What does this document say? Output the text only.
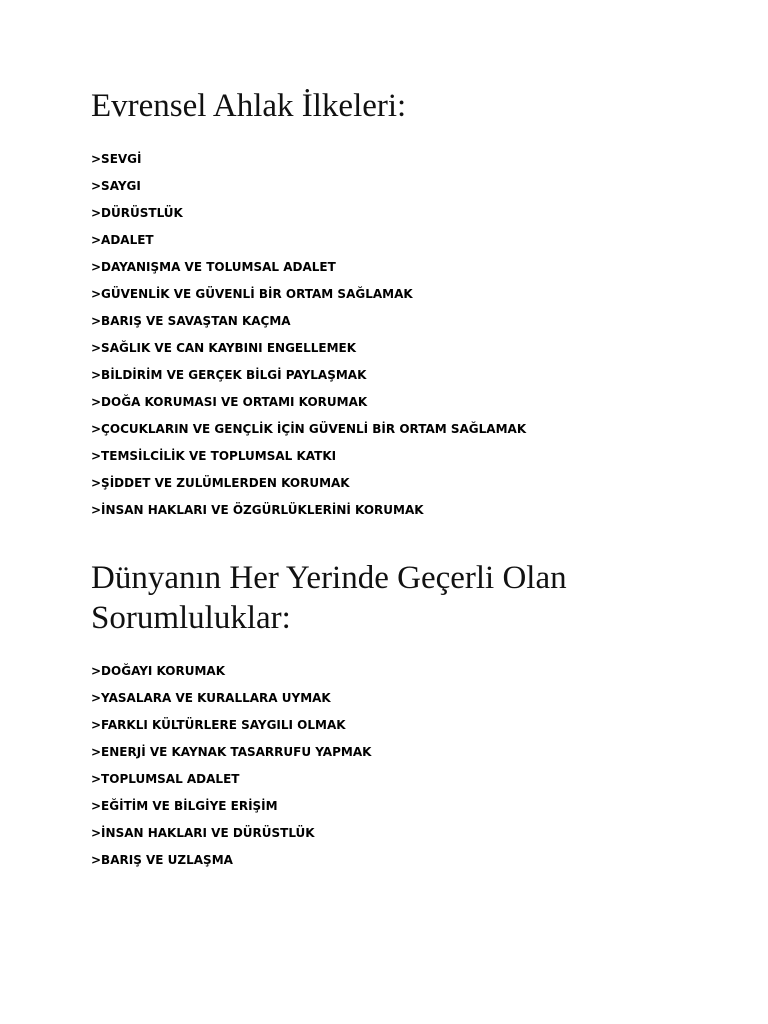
Evrensel Ahlak İlkeleri:
>SEVGİ
>SAYGI
>DÜRÜSTLÜK
>ADALET
>DAYANIŞMA VE TOLUMSAL ADALET
>GÜVENLİK VE GÜVENLİ BİR ORTAM SAĞLAMAK
>BARIŞ VE SAVAŞTAN KAÇMA
>SAĞLIK VE CAN KAYBINI ENGELLEMEK
>BİLDİRİM VE GERÇEK BİLGİ PAYLAŞMAK
>DOĞA KORUMASI VE ORTAMI KORUMAK
>ÇOCUKLARIN VE GENÇLİK İÇİN GÜVENLİ BİR ORTAM SAĞLAMAK
>TEMSİLCİLİK VE TOPLUMSAL KATKI
>ŞİDDET VE ZULÜMLERDEN KORUMAK
>İNSAN HAKLARI VE ÖZGÜRLÜKLERİNİ KORUMAK
Dünyanın Her Yerinde Geçerli Olan
Sorumluluklar:
>DOĞAYI KORUMAK
>YASALARA VE KURALLARA UYMAK
>FARKLI KÜLTÜRLERE SAYGILI OLMAK
>ENERJİ VE KAYNAK TASARRUFU YAPMAK
>TOPLUMSAL ADALET
>EĞİTİM VE BİLGİYE ERİŞİM
>İNSAN HAKLARI VE DÜRÜSTLÜK
>BARIŞ VE UZLAŞMA
